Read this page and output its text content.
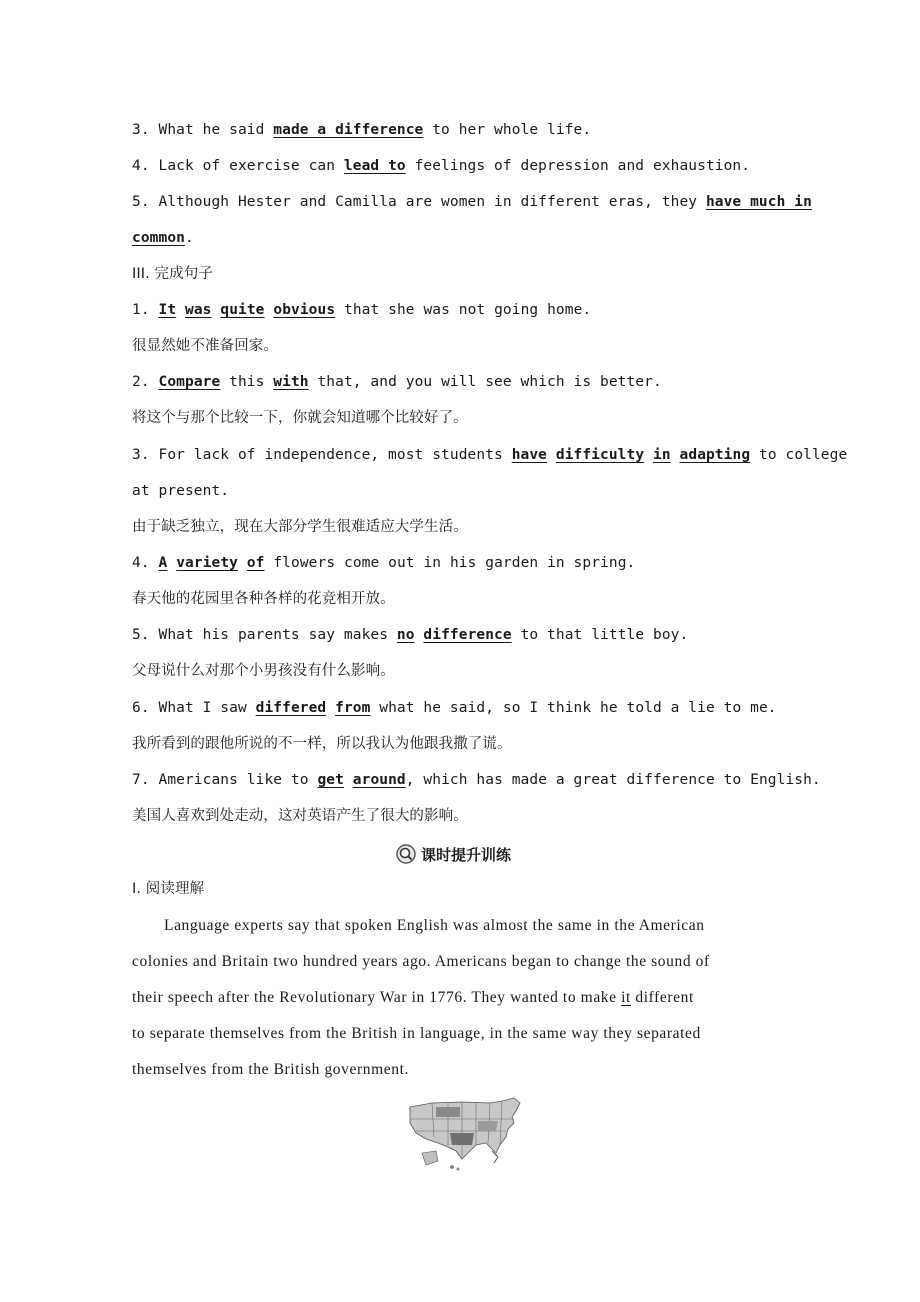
3. What he said made a difference to her whole life.
4. Lack of exercise can lead to feelings of depression and exhaustion.
5. Although Hester and Camilla are women in different eras, they have much in
common.
III. 完成句子
1. It was quite obvious that she was not going home.
很显然她不准备回家。
2. Compare this with that, and you will see which is better.
将这个与那个比较一下，你就会知道哪个比较好了。
3. For lack of independence, most students have difficulty in adapting to college
at present.
由于缺乏独立，现在大部分学生很难适应大学生活。
4. A variety of flowers come out in his garden in spring.
春天他的花园里各种各样的花竞相开放。
5. What his parents say makes no difference to that little boy.
父母说什么对那个小男孩没有什么影响。
6. What I saw differed from what he said, so I think he told a lie to me.
我所看到的跟他所说的不一样，所以我认为他跟我撒了谎。
7. Americans like to get around, which has made a great difference to English.
美国人喜欢到处走动，这对英语产生了很大的影响。
课时提升训练
Ⅰ. 阅读理解
Language experts say that spoken English was almost the same in the American
colonies and Britain two hundred years ago. Americans began to change the sound of
their speech after the Revolutionary War in 1776. They wanted to make it different
to separate themselves from the British in language, in the same way they separated
themselves from the British government.
